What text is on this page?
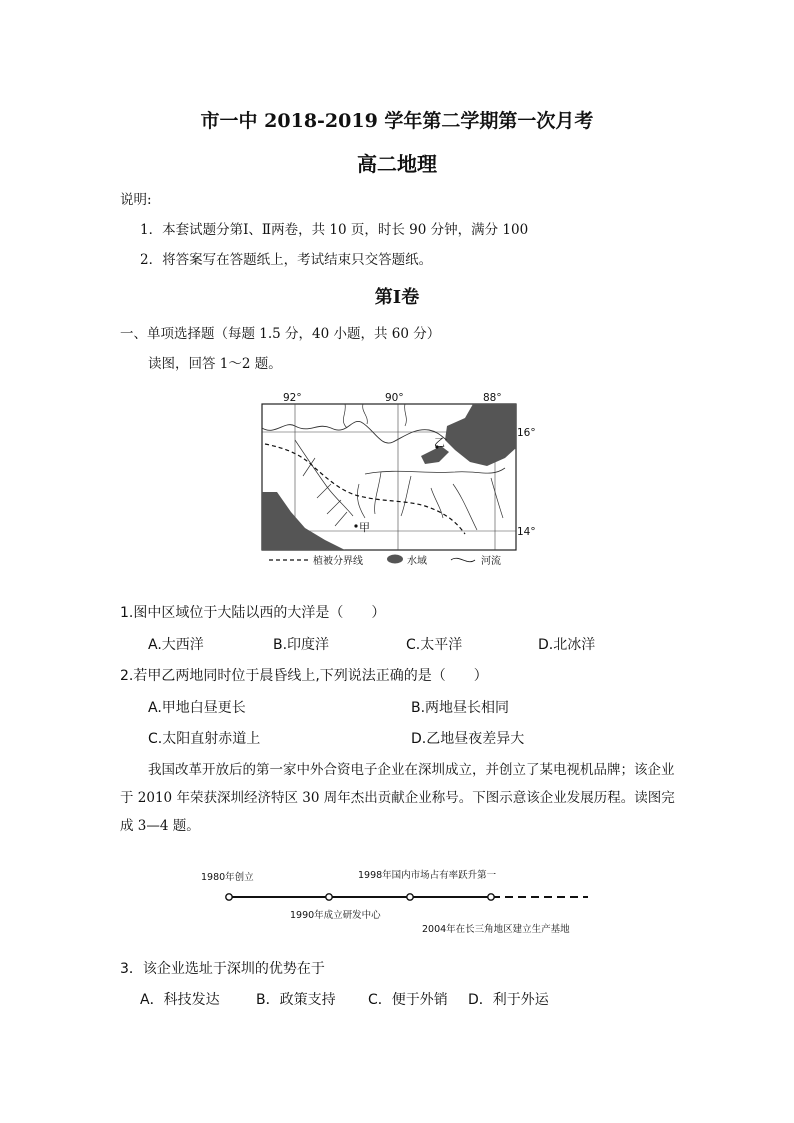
市一中 2018-2019 学年第二学期第一次月考
高二地理
说明:
1．本套试题分第Ⅰ、Ⅱ两卷，共 10 页，时长 90 分钟，满分 100
2．将答案写在答题纸上，考试结束只交答题纸。
第Ⅰ卷
一、单项选择题（每题 1.5 分，40 小题，共 60 分）
读图，回答 1～2 题。
乙
甲
92°	90°	88°
16°
14°
植被分界线	水域	河流
1.图中区域位于大陆以西的大洋是（　　）
A.大西洋	B.印度洋	C.太平洋	D.北冰洋
2.若甲乙两地同时位于晨昏线上,下列说法正确的是（　　）
A.甲地白昼更长	B.两地昼长相同
C.太阳直射赤道上	D.乙地昼夜差异大
我国改革开放后的第一家中外合资电子企业在深圳成立，并创立了某电视机品牌；该企业于 2010 年荣获深圳经济特区 30 周年杰出贡献企业称号。下图示意该企业发展历程。读图完成 3—4 题。
1980年创立
1990年成立研发中心
1998年国内市场占有率跃升第一
2004年在长三角地区建立生产基地
3．该企业选址于深圳的优势在于
A．科技发达	B．政策支持 C．便于外销 D．利于外运
